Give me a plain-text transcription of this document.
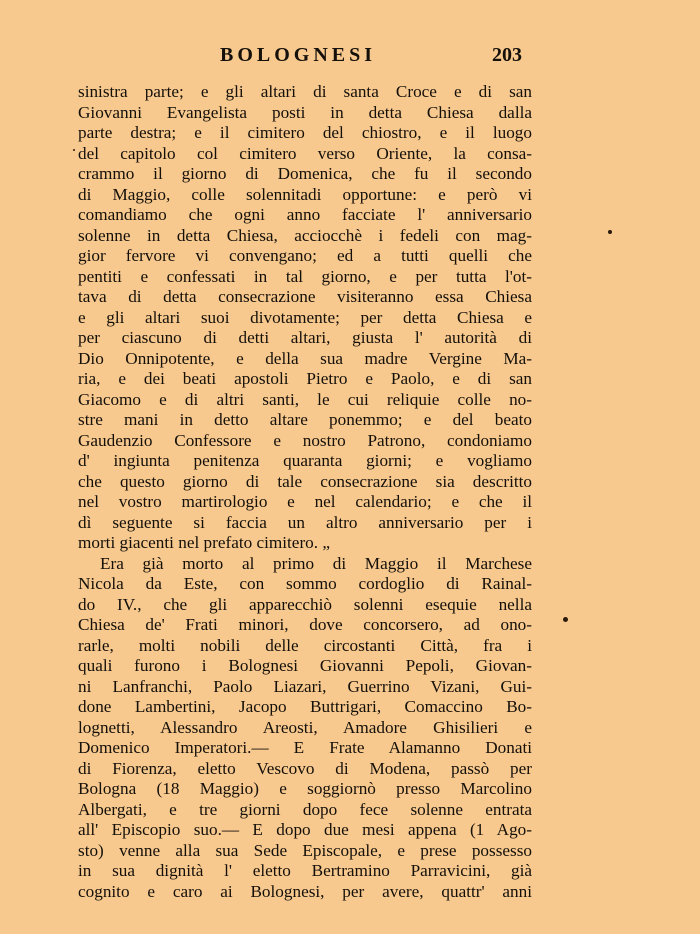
BOLOGNESI	203
sinistra parte; e gli altari di santa Croce e di san
Giovanni Evangelista posti in detta Chiesa dalla
parte destra; e il cimitero del chiostro, e il luogo
del capitolo col cimitero verso Oriente, la consa-
crammo il giorno di Domenica, che fu il secondo
di Maggio, colle solennitadi opportune: e però vi
comandiamo che ogni anno facciate l' anniversario
solenne in detta Chiesa, acciocchè i fedeli con mag-
gior fervore vi convengano; ed a tutti quelli che
pentiti e confessati in tal giorno, e per tutta l'ot-
tava di detta consecrazione visiteranno essa Chiesa
e gli altari suoi divotamente; per detta Chiesa e
per ciascuno di detti altari, giusta l' autorità di
Dio Onnipotente, e della sua madre Vergine Ma-
ria, e dei beati apostoli Pietro e Paolo, e di san
Giacomo e di altri santi, le cui reliquie colle no-
stre mani in detto altare ponemmo; e del beato
Gaudenzio Confessore e nostro Patrono, condoniamo
d' ingiunta penitenza quaranta giorni; e vogliamo
che questo giorno di tale consecrazione sia descritto
nel vostro martirologio e nel calendario; e che il
dì seguente si faccia un altro anniversario per i
morti giacenti nel prefato cimitero. „
Era già morto al primo di Maggio il Marchese
Nicola da Este, con sommo cordoglio di Rainal-
do IV., che gli apparecchiò solenni esequie nella
Chiesa de' Frati minori, dove concorsero, ad ono-
rarle, molti nobili delle circostanti Città, fra i
quali furono i Bolognesi Giovanni Pepoli, Giovan-
ni Lanfranchi, Paolo Liazari, Guerrino Vizani, Gui-
done Lambertini, Jacopo Buttrigari, Comaccino Bo-
lognetti, Alessandro Areosti, Amadore Ghisilieri e
Domenico Imperatori.— E Frate Alamanno Donati
di Fiorenza, eletto Vescovo di Modena, passò per
Bologna (18 Maggio) e soggiornò presso Marcolino
Albergati, e tre giorni dopo fece solenne entrata
all' Episcopio suo.— E dopo due mesi appena (1 Ago-
sto) venne alla sua Sede Episcopale, e prese possesso
in sua dignità l' eletto Bertramino Parravicini, già
cognito e caro ai Bolognesi, per avere, quattr' anni
